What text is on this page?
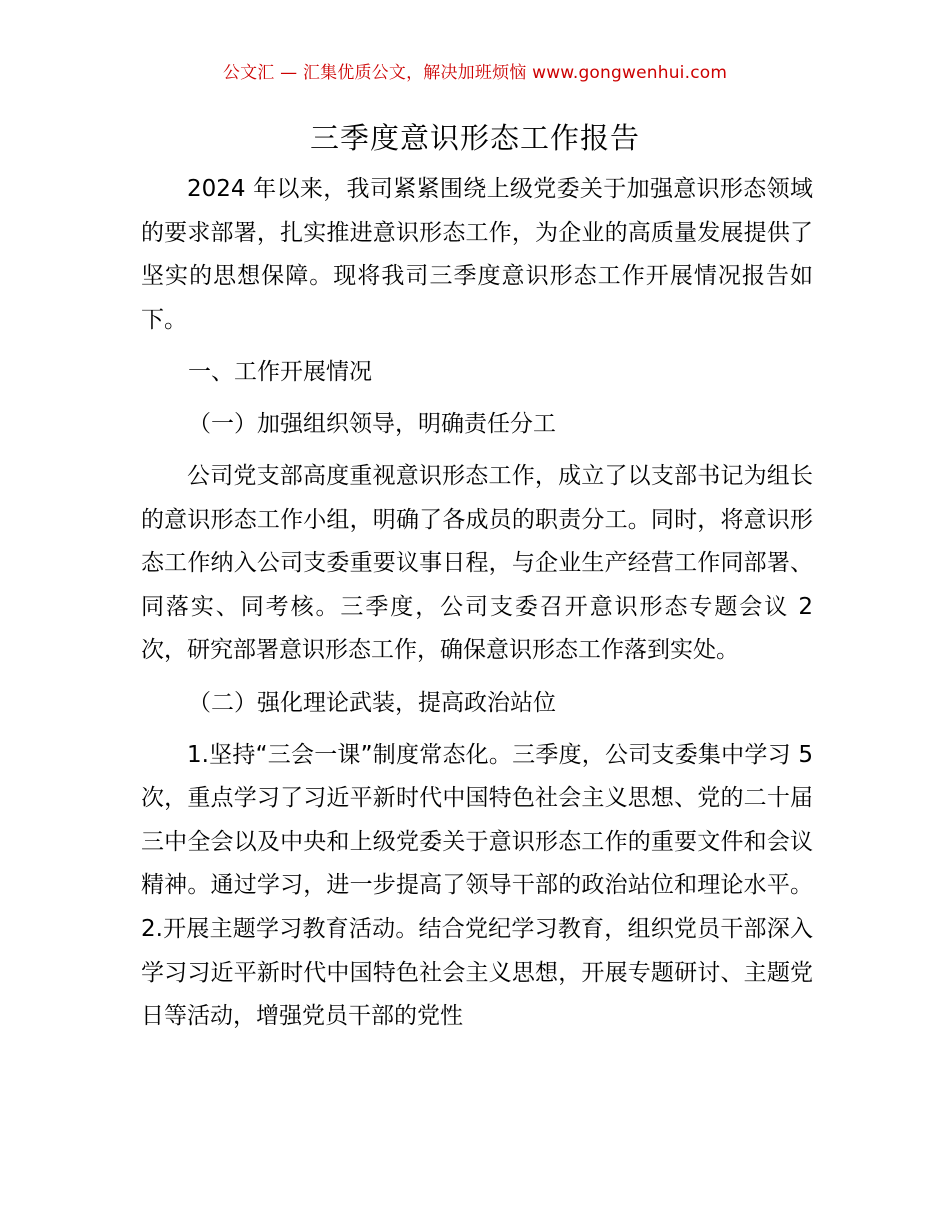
公文汇 — 汇集优质公文，解决加班烦恼 www.gongwenhui.com
三季度意识形态工作报告

2024 年以来，我司紧紧围绕上级党委关于加强意识形态领域的要求部署，扎实推进意识形态工作，为企业的高质量发展提供了坚实的思想保障。现将我司三季度意识形态工作开展情况报告如下。

一、工作开展情况
（一）加强组织领导，明确责任分工

公司党支部高度重视意识形态工作，成立了以支部书记为组长的意识形态工作小组，明确了各成员的职责分工。同时，将意识形态工作纳入公司支委重要议事日程，与企业生产经营工作同部署、同落实、同考核。三季度，公司支委召开意识形态专题会议 2 次，研究部署意识形态工作，确保意识形态工作落到实处。

（二）强化理论武装，提高政治站位

1.坚持“三会一课”制度常态化。三季度，公司支委集中学习 5 次，重点学习了习近平新时代中国特色社会主义思想、党的二十届三中全会以及中央和上级党委关于意识形态工作的重要文件和会议精神。通过学习，进一步提高了领导干部的政治站位和理论水平。2.开展主题学习教育活动。结合党纪学习教育，组织党员干部深入学习习近平新时代中国特色社会主义思想，开展专题研讨、主题党日等活动，增强党员干部的党性
